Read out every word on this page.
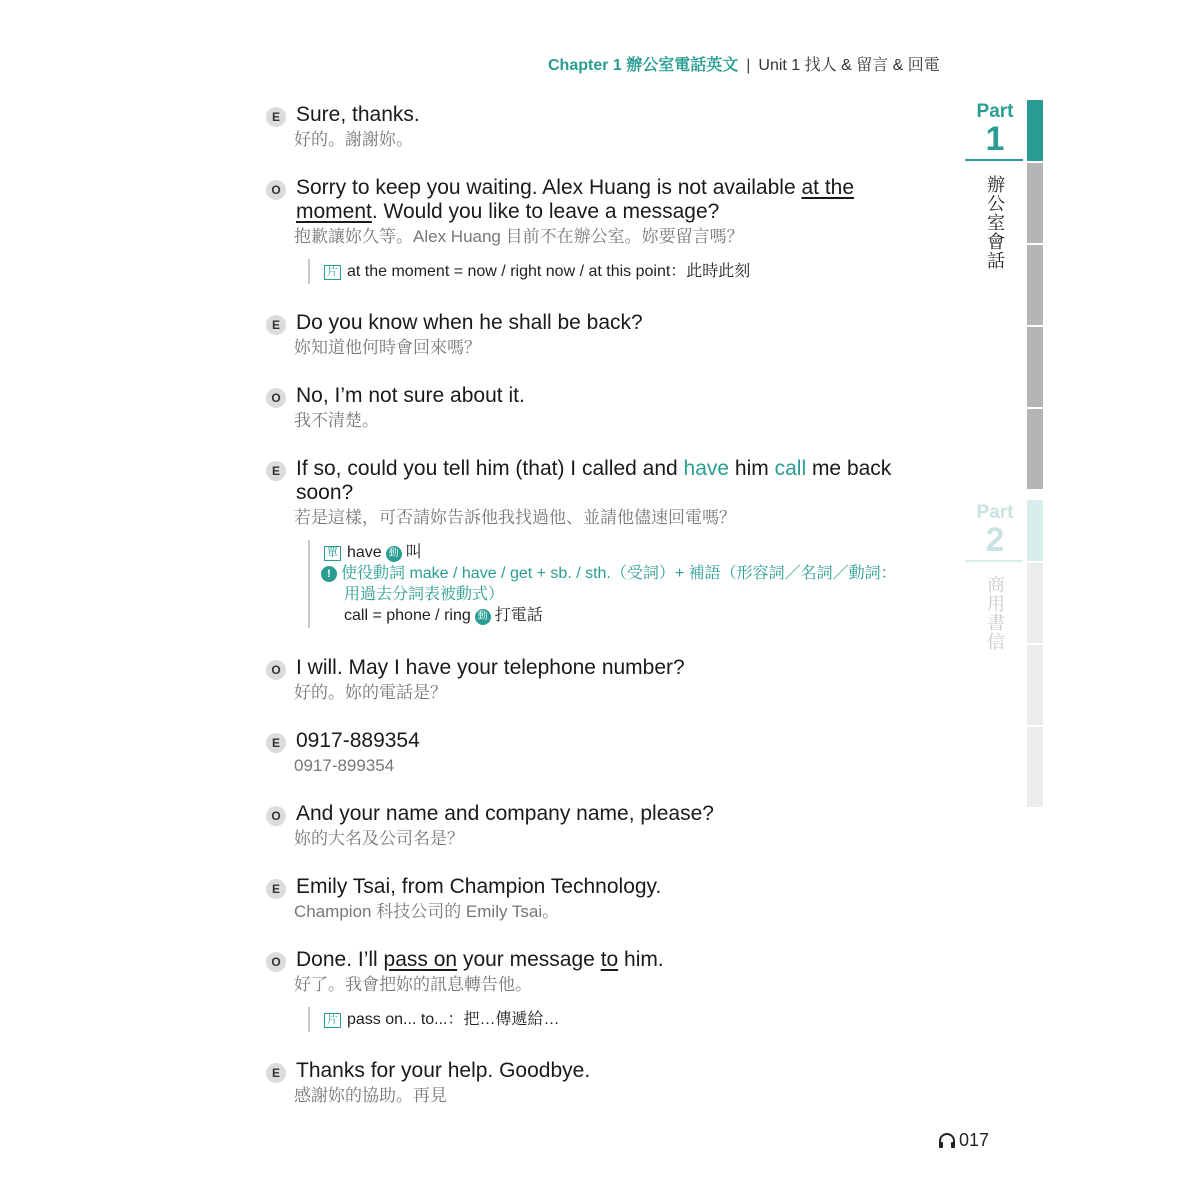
Chapter 1 辦公室電話英文 | Unit 1 找人 & 留言 & 回電
E Sure, thanks.
好的。謝謝妳。
O Sorry to keep you waiting. Alex Huang is not available at the
moment. Would you like to leave a message?
抱歉讓妳久等。Alex Huang 目前不在辦公室。妳要留言嗎？
片 at the moment = now / right now / at this point：此時此刻
E Do you know when he shall be back?
妳知道他何時會回來嗎？
O No, I’m not sure about it.
我不清楚。
E If so, could you tell him (that) I called and have him call me back
soon?
若是這樣，可否請妳告訴他我找過他、並請他儘速回電嗎？
單 have 動 叫
! 使役動詞 make / have / get + sb. / sth.（受詞）+ 補語（形容詞／名詞／動詞：
用過去分詞表被動式）
call = phone / ring 動 打電話
O I will. May I have your telephone number?
好的。妳的電話是？
E 0917-889354
0917-899354
O And your name and company name, please?
妳的大名及公司名是？
E Emily Tsai, from Champion Technology.
Champion 科技公司的 Emily Tsai。
O Done. I’ll pass on your message to him.
好了。我會把妳的訊息轉告他。
片 pass on... to...：把…傳遞給…
E Thanks for your help. Goodbye.
感謝妳的協助。再見
Part
1
辦公室會話
Part
2
商用書信
017
